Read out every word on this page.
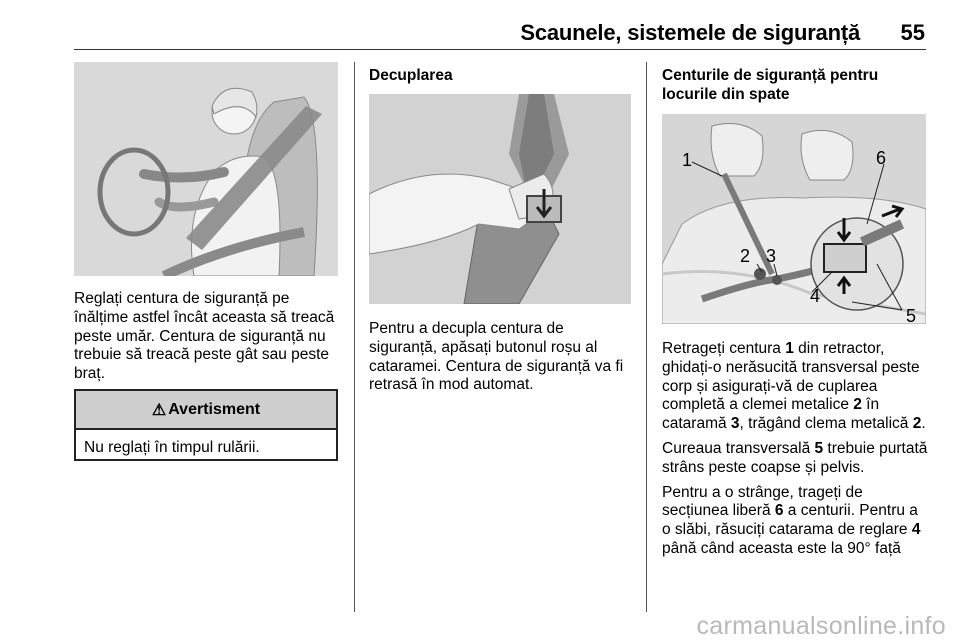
Scaunele, sistemele de siguranță	55
Reglați centura de siguranță pe înălțime astfel încât aceasta să treacă peste umăr. Centura de siguranță nu trebuie să treacă peste gât sau peste braț.
⚠ Avertisment
Nu reglați în timpul rulării.
Decuplarea
Pentru a decupla centura de siguranță, apăsați butonul roșu al cataramei. Centura de siguranță va fi retrasă în mod automat.
Centurile de siguranță pentru locurile din spate
1
2 3
4
5
6

Retrageți centura 1 din retractor, ghidați-o nerăsucită transversal peste corp și asigurați-vă de cuplarea completă a clemei metalice 2 în cataramă 3, trăgând clema metalică 2.

Cureaua transversală 5 trebuie purtată strâns peste coapse și pelvis.

Pentru a o strânge, trageți de secțiunea liberă 6 a centurii. Pentru a o slăbi, răsuciți catarama de reglare 4 până când aceasta este la 90° față

carmanualsonline.info
